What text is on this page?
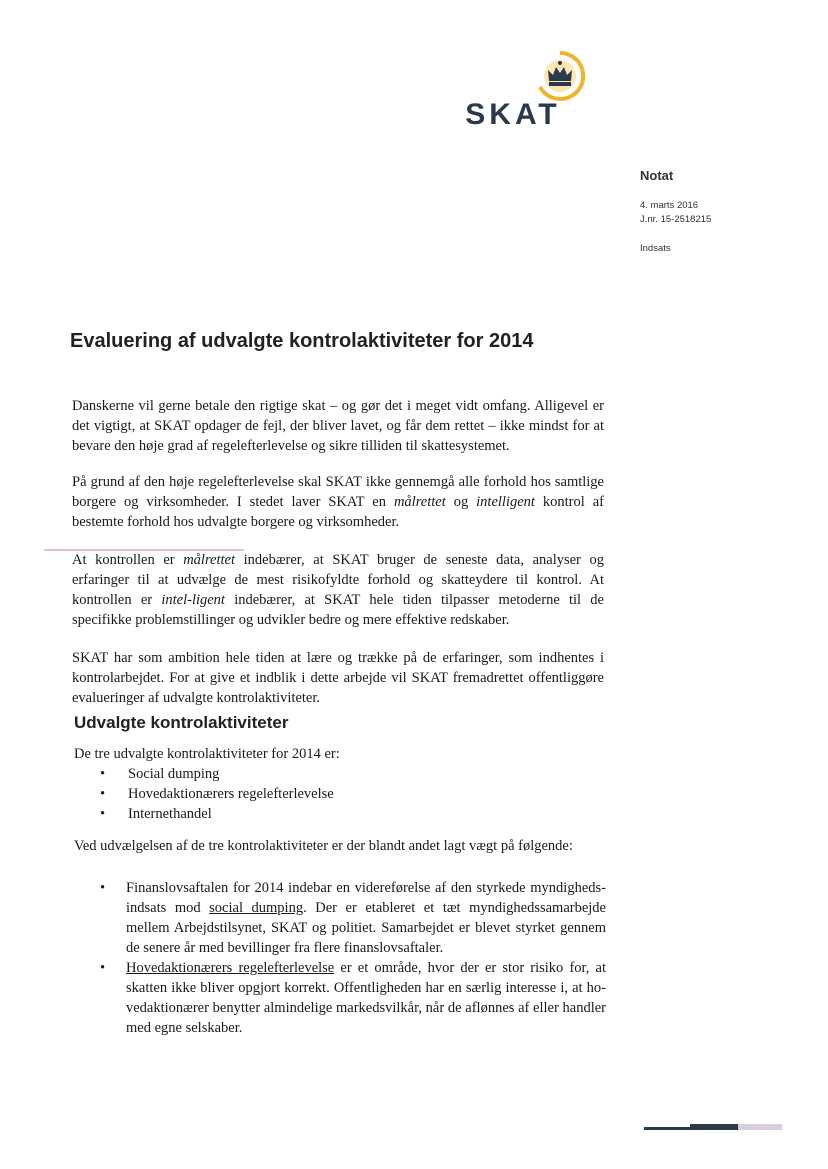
SKAT
Notat
4. marts 2016
J.nr. 15-2518215
Indsats
Evaluering af udvalgte kontrolaktiviteter for 2014

Danskerne vil gerne betale den rigtige skat – og gør det i meget vidt omfang. Alligevel er det vigtigt, at SKAT opdager de fejl, der bliver lavet, og får dem rettet – ikke mindst for at bevare den høje grad af regelefterlevelse og sikre tilliden til skattesystemet.

På grund af den høje regelefterlevelse skal SKAT ikke gennemgå alle forhold hos samtlige borgere og virksomheder. I stedet laver SKAT en målrettet og intelligent kontrol af bestemte forhold hos udvalgte borgere og virksomheder.

At kontrollen er målrettet indebærer, at SKAT bruger de seneste data, analyser og erfaringer til at udvælge de mest risikofyldte forhold og skatteydere til kontrol. At kontrollen er intel-ligent indebærer, at SKAT hele tiden tilpasser metoderne til de specifikke problemstillinger og udvikler bedre og mere effektive redskaber.

SKAT har som ambition hele tiden at lære og trække på de erfaringer, som indhentes i kontrolarbejdet. For at give et indblik i dette arbejde vil SKAT fremadrettet offentliggøre evalueringer af udvalgte kontrolaktiviteter.

Udvalgte kontrolaktiviteter

De tre udvalgte kontrolaktiviteter for 2014 er:

• Social dumping
• Hovedaktionærers regelefterlevelse
• Internethandel

Ved udvælgelsen af de tre kontrolaktiviteter er der blandt andet lagt vægt på følgende:

• Finanslovsaftalen for 2014 indebar en videreførelse af den styrkede myndigheds-indsats mod social dumping. Der er etableret et tæt myndighedssamarbejde mellem Arbejdstilsynet, SKAT og politiet. Samarbejdet er blevet styrket gennem de senere år med bevillinger fra flere finanslovsaftaler.
• Hovedaktionærers regelefterlevelse er et område, hvor der er stor risiko for, at skatten ikke bliver opgjort korrekt. Offentligheden har en særlig interesse i, at ho-vedaktionærer benytter almindelige markedsvilkår, når de aflønnes af eller handler med egne selskaber.
